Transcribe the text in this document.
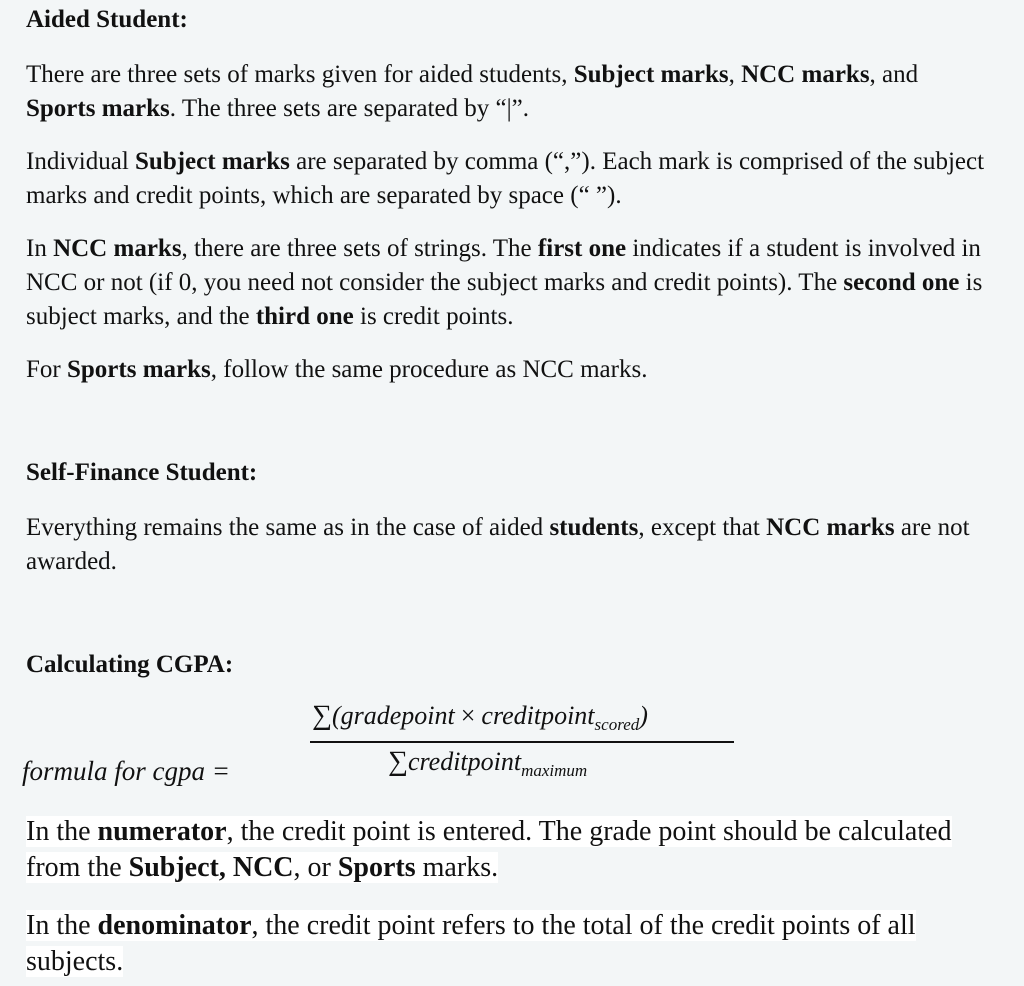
Aided Student:
There are three sets of marks given for aided students, Subject marks, NCC marks, and Sports marks. The three sets are separated by “|”.
Individual Subject marks are separated by comma (“,”). Each mark is comprised of the subject marks and credit points, which are separated by space (“ ”).
In NCC marks, there are three sets of strings. The first one indicates if a student is involved in NCC or not (if 0, you need not consider the subject marks and credit points). The second one is subject marks, and the third one is credit points.
For Sports marks, follow the same procedure as NCC marks.
Self-Finance Student:
Everything remains the same as in the case of aided students, except that NCC marks are not awarded.
Calculating CGPA:
formula for cgpa =
∑(gradepoint × creditpoint$_{scored}$)
∑creditpoint$_{maximum}$
In the numerator, the credit point is entered. The grade point should be calculated from the Subject, NCC, or Sports marks.
In the denominator, the credit point refers to the total of the credit points of all subjects.
